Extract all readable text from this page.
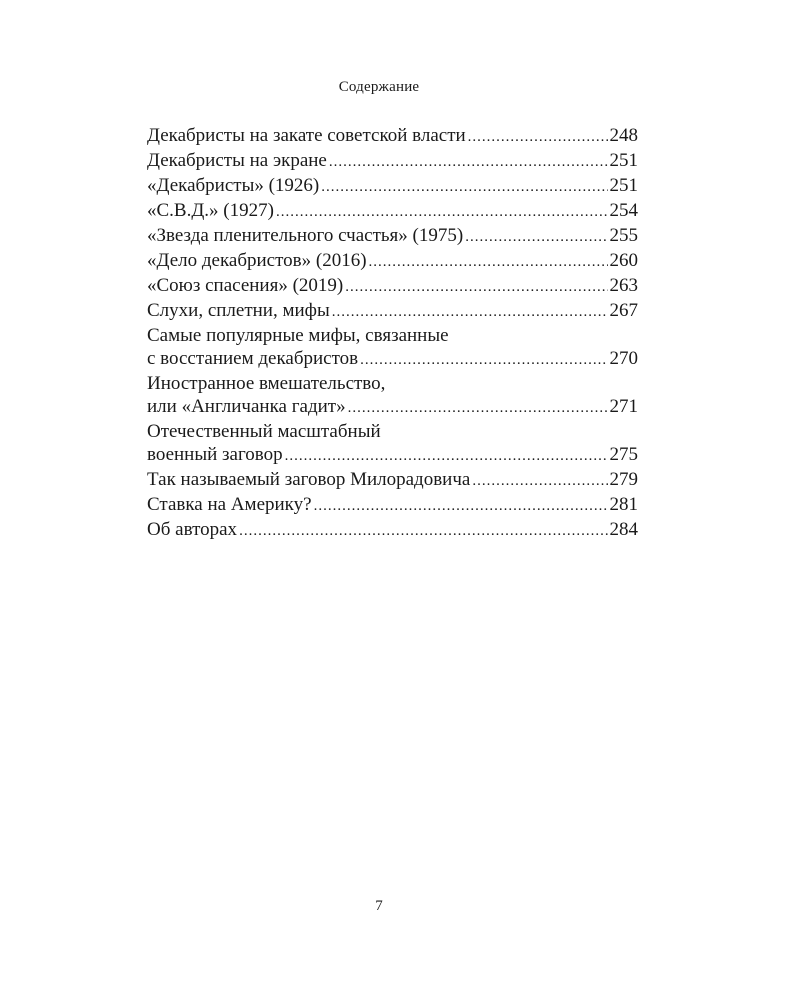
Содержание
Декабристы на закате советской власти .....	248
Декабристы на экране .....	251
«Декабристы» (1926) .....	251
«С.В.Д.» (1927) .....	254
«Звезда пленительного счастья» (1975) .....	255
«Дело декабристов» (2016) .....	260
«Союз спасения» (2019) .....	263
Слухи, сплетни, мифы .....	267
Самые популярные мифы, связанные
с восстанием декабристов .....	270
Иностранное вмешательство,
или «Англичанка гадит» .....	271
Отечественный масштабный
военный заговор .....	275
Так называемый заговор Милорадовича .....	279
Ставка на Америку? .....	281
Об авторах .....	284
7
